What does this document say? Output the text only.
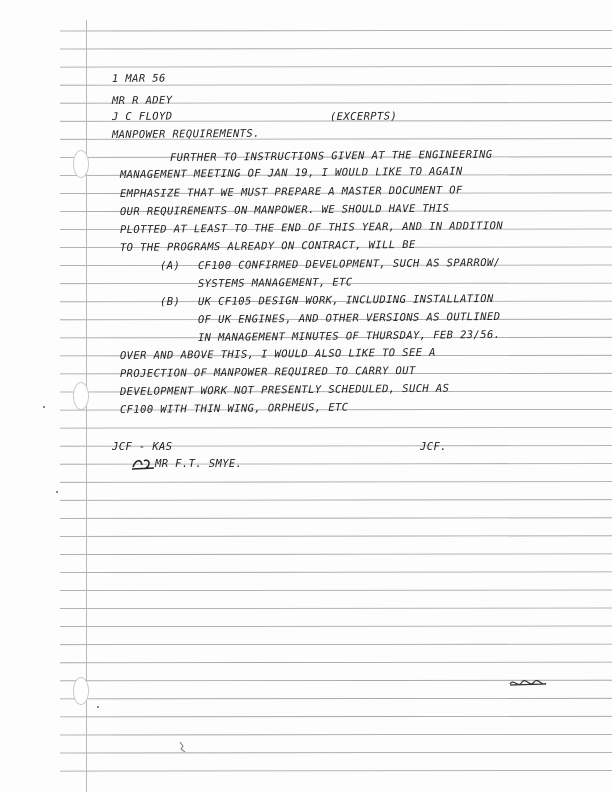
1 MAR 56
MR R ADEY
J C FLOYD	(EXCERPTS)
MANPOWER REQUIREMENTS.
FURTHER TO INSTRUCTIONS GIVEN AT THE ENGINEERING
MANAGEMENT MEETING OF JAN 19, I WOULD LIKE TO AGAIN
EMPHASIZE THAT WE MUST PREPARE A MASTER DOCUMENT OF
OUR REQUIREMENTS ON MANPOWER. WE SHOULD HAVE THIS
PLOTTED AT LEAST TO THE END OF THIS YEAR, AND IN ADDITION
TO THE PROGRAMS ALREADY ON CONTRACT, WILL BE
(A) CF100 CONFIRMED DEVELOPMENT, SUCH AS SPARROW/
SYSTEMS MANAGEMENT, ETC
(B) UK CF105 DESIGN WORK, INCLUDING INSTALLATION
OF UK ENGINES, AND OTHER VERSIONS AS OUTLINED
IN MANAGEMENT MINUTES OF THURSDAY, FEB 23/56.
OVER AND ABOVE THIS, I WOULD ALSO LIKE TO SEE A
PROJECTION OF MANPOWER REQUIRED TO CARRY OUT
DEVELOPMENT WORK NOT PRESENTLY SCHEDULED, SUCH AS
CF100 WITH THIN WING, ORPHEUS, ETC
JCF - KAS	JCF.
MR F.T. SMYE.
